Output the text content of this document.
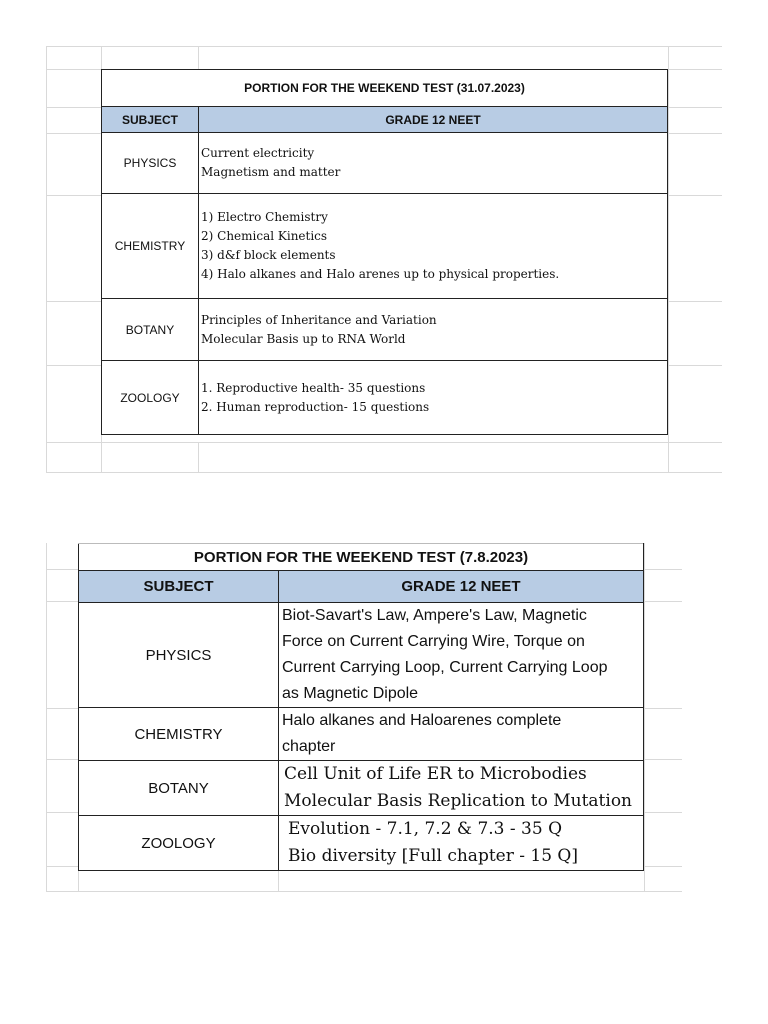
PORTION FOR THE WEEKEND TEST (31.07.2023)	
SUBJECT	GRADE 12 NEET
PHYSICS	Current electricity
Magnetism and matter

CHEMISTRY	1) Electro Chemistry
2) Chemical Kinetics
3) d&f block elements
4) Halo alkanes and Halo arenes up to physical properties.

BOTANY	Principles of Inheritance and Variation
Molecular Basis up to RNA World

ZOOLOGY	1. Reproductive health- 35 questions
2. Human reproduction- 15 questions
PORTION FOR THE WEEKEND TEST (7.8.2023)	
SUBJECT	GRADE 12 NEET
PHYSICS	Biot-Savart's Law, Ampere's Law, Magnetic
Force on Current Carrying Wire, Torque on
Current Carrying Loop, Current Carrying Loop
as Magnetic Dipole

CHEMISTRY	Halo alkanes and Haloarenes complete
chapter

BOTANY	Cell Unit of Life ER to Microbodies
Molecular Basis Replication to Mutation

ZOOLOGY	Evolution - 7.1, 7.2 & 7.3 - 35 Q
Bio diversity [Full chapter - 15 Q]
